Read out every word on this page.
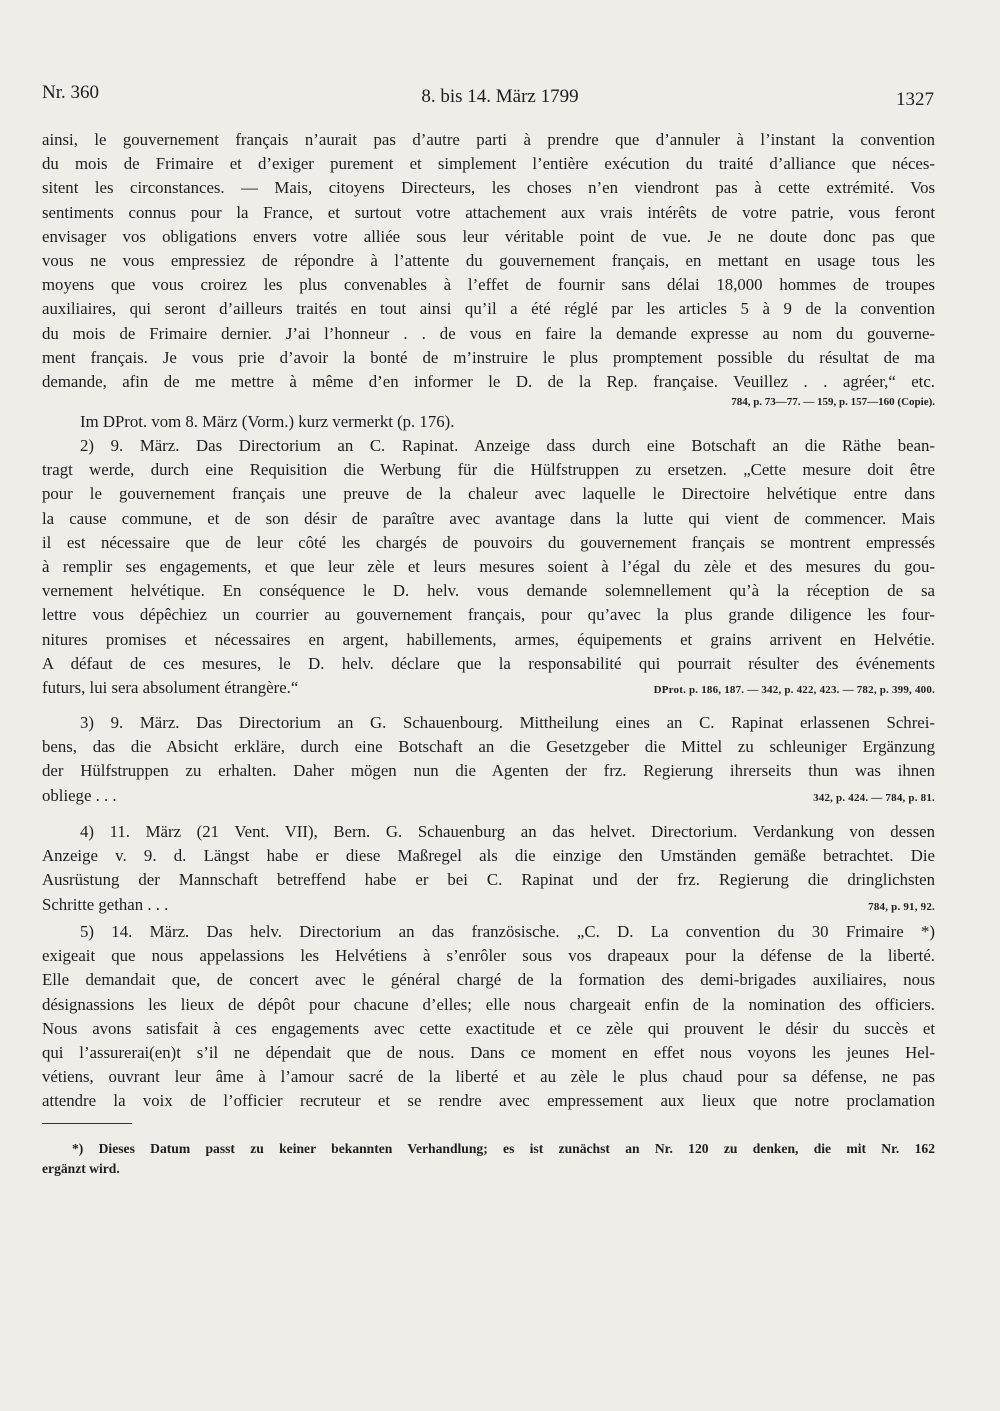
Nr. 360	8. bis 14. März 1799	1327
ainsi, le gouvernement français n’aurait pas d’autre parti à prendre que d’annuler à l’instant la convention
du mois de Frimaire et d’exiger purement et simplement l’entière exécution du traité d’alliance que néces-
sitent les circonstances. — Mais, citoyens Directeurs, les choses n’en viendront pas à cette extrémité. Vos
sentiments connus pour la France, et surtout votre attachement aux vrais intérêts de votre patrie, vous feront
envisager vos obligations envers votre alliée sous leur véritable point de vue. Je ne doute donc pas que
vous ne vous empressiez de répondre à l’attente du gouvernement français, en mettant en usage tous les
moyens que vous croirez les plus convenables à l’effet de fournir sans délai 18,000 hommes de troupes
auxiliaires, qui seront d’ailleurs traités en tout ainsi qu’il a été réglé par les articles 5 à 9 de la convention
du mois de Frimaire dernier. J’ai l’honneur . . de vous en faire la demande expresse au nom du gouverne-
ment français. Je vous prie d’avoir la bonté de m’instruire le plus promptement possible du résultat de ma
demande, afin de me mettre à même d’en informer le D. de la Rep. française. Veuillez . . agréer,“ etc.
784, p. 73—77. — 159, p. 157—160 (Copie).
Im DProt. vom 8. März (Vorm.) kurz vermerkt (p. 176).
2) 9. März. Das Directorium an C. Rapinat. Anzeige dass durch eine Botschaft an die Räthe bean-
tragt werde, durch eine Requisition die Werbung für die Hülfstruppen zu ersetzen. „Cette mesure doit être
pour le gouvernement français une preuve de la chaleur avec laquelle le Directoire helvétique entre dans
la cause commune, et de son désir de paraître avec avantage dans la lutte qui vient de commencer. Mais
il est nécessaire que de leur côté les chargés de pouvoirs du gouvernement français se montrent empressés
à remplir ses engagements, et que leur zèle et leurs mesures soient à l’égal du zèle et des mesures du gou-
vernement helvétique. En conséquence le D. helv. vous demande solemnellement qu’à la réception de sa
lettre vous dépêchiez un courrier au gouvernement français, pour qu’avec la plus grande diligence les four-
nitures promises et nécessaires en argent, habillements, armes, équipements et grains arrivent en Helvétie.
A défaut de ces mesures, le D. helv. déclare que la responsabilité qui pourrait résulter des événements
futurs, lui sera absolument étrangère.“	DProt. p. 186, 187. — 342, p. 422, 423. — 782, p. 399, 400.
3) 9. März. Das Directorium an G. Schauenbourg. Mittheilung eines an C. Rapinat erlassenen Schrei-
bens, das die Absicht erkläre, durch eine Botschaft an die Gesetzgeber die Mittel zu schleuniger Ergänzung
der Hülfstruppen zu erhalten. Daher mögen nun die Agenten der frz. Regierung ihrerseits thun was ihnen
obliege . . .	342, p. 424. — 784, p. 81.
4) 11. März (21 Vent. VII), Bern. G. Schauenburg an das helvet. Directorium. Verdankung von dessen
Anzeige v. 9. d. Längst habe er diese Maßregel als die einzige den Umständen gemäße betrachtet. Die
Ausrüstung der Mannschaft betreffend habe er bei C. Rapinat und der frz. Regierung die dringlichsten
Schritte gethan . . .	784, p. 91, 92.
5) 14. März. Das helv. Directorium an das französische. „C. D. La convention du 30 Frimaire *)
exigeait que nous appelassions les Helvétiens à s’enrôler sous vos drapeaux pour la défense de la liberté.
Elle demandait que, de concert avec le général chargé de la formation des demi-brigades auxiliaires, nous
désignassions les lieux de dépôt pour chacune d’elles; elle nous chargeait enfin de la nomination des officiers.
Nous avons satisfait à ces engagements avec cette exactitude et ce zèle qui prouvent le désir du succès et
qui l’assurerai(en)t s’il ne dépendait que de nous. Dans ce moment en effet nous voyons les jeunes Hel-
vétiens, ouvrant leur âme à l’amour sacré de la liberté et au zèle le plus chaud pour sa défense, ne pas
attendre la voix de l’officier recruteur et se rendre avec empressement aux lieux que notre proclamation
*) Dieses Datum passt zu keiner bekannten Verhandlung; es ist zunächst an Nr. 120 zu denken, die mit Nr. 162
ergänzt wird.
